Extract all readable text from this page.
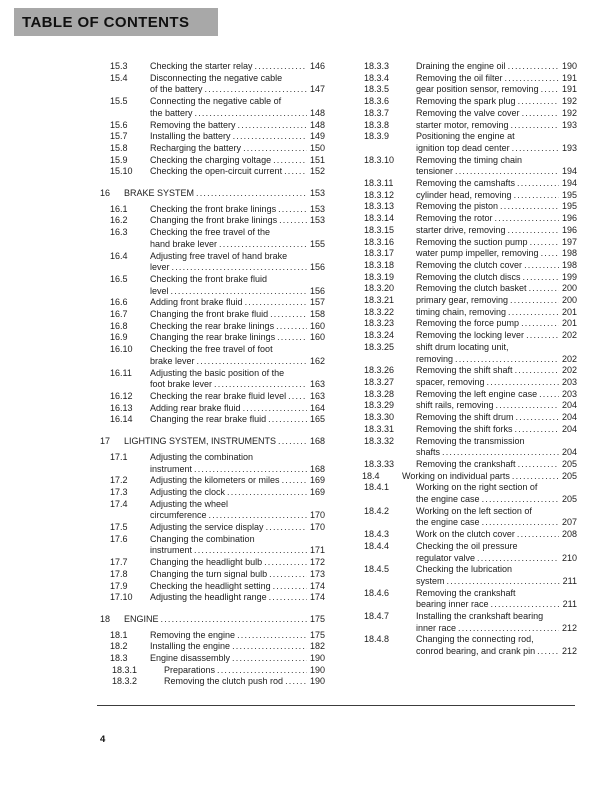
TABLE OF CONTENTS
15.3	Checking the starter relay .....	146
15.4	Disconnecting the negative cable
of the battery .....	147
15.5	Connecting the negative cable of
the battery .....	148
15.6	Removing the battery .....	148
15.7	Installing the battery .....	149
15.8	Recharging the battery .....	150
15.9	Checking the charging voltage .....	151
15.10	Checking the open-circuit current .....	152
16	BRAKE SYSTEM .....	153
16.1	Checking the front brake linings .....	153
16.2	Changing the front brake linings .....	153
16.3	Checking the free travel of the
hand brake lever .....	155
16.4	Adjusting free travel of hand brake
lever .....	156
16.5	Checking the front brake fluid
level .....	156
16.6	Adding front brake fluid .....	157
16.7	Changing the front brake fluid .....	158
16.8	Checking the rear brake linings .....	160
16.9	Changing the rear brake linings .....	160
16.10	Checking the free travel of foot
brake lever .....	162
16.11	Adjusting the basic position of the
foot brake lever .....	163
16.12	Checking the rear brake fluid level .....	163
16.13	Adding rear brake fluid .....	164
16.14	Changing the rear brake fluid .....	165
17	LIGHTING SYSTEM, INSTRUMENTS .....	168
17.1	Adjusting the combination
instrument .....	168
17.2	Adjusting the kilometers or miles .....	169
17.3	Adjusting the clock .....	169
17.4	Adjusting the wheel
circumference .....	170
17.5	Adjusting the service display .....	170
17.6	Changing the combination
instrument .....	171
17.7	Changing the headlight bulb .....	172
17.8	Changing the turn signal bulb .....	173
17.9	Checking the headlight setting .....	174
17.10	Adjusting the headlight range .....	174
18	ENGINE .....	175
18.1	Removing the engine .....	175
18.2	Installing the engine .....	182
18.3	Engine disassembly .....	190
18.3.1	Preparations .....	190
18.3.2	Removing the clutch push rod .....	190
18.3.3	Draining the engine oil .....	190
18.3.4	Removing the oil filter .....	191
18.3.5	gear position sensor, removing .....	191
18.3.6	Removing the spark plug .....	192
18.3.7	Removing the valve cover .....	192
18.3.8	starter motor, removing .....	193
18.3.9	Positioning the engine at
ignition top dead center .....	193
18.3.10	Removing the timing chain
tensioner .....	194
18.3.11	Removing the camshafts .....	194
18.3.12	cylinder head, removing .....	195
18.3.13	Removing the piston .....	195
18.3.14	Removing the rotor .....	196
18.3.15	starter drive, removing .....	196
18.3.16	Removing the suction pump .....	197
18.3.17	water pump impeller, removing .....	198
18.3.18	Removing the clutch cover .....	198
18.3.19	Removing the clutch discs .....	199
18.3.20	Removing the clutch basket .....	200
18.3.21	primary gear, removing .....	200
18.3.22	timing chain, removing .....	201
18.3.23	Removing the force pump .....	201
18.3.24	Removing the locking lever .....	202
18.3.25	shift drum locating unit,
removing .....	202
18.3.26	Removing the shift shaft .....	202
18.3.27	spacer, removing .....	203
18.3.28	Removing the left engine case .....	203
18.3.29	shift rails, removing .....	204
18.3.30	Removing the shift drum .....	204
18.3.31	Removing the shift forks .....	204
18.3.32	Removing the transmission
shafts .....	204
18.3.33	Removing the crankshaft .....	205
18.4	Working on individual parts .....	205
18.4.1	Working on the right section of
the engine case .....	205
18.4.2	Working on the left section of
the engine case .....	207
18.4.3	Work on the clutch cover .....	208
18.4.4	Checking the oil pressure
regulator valve .....	210
18.4.5	Checking the lubrication
system .....	211
18.4.6	Removing the crankshaft
bearing inner race .....	211
18.4.7	Installing the crankshaft bearing
inner race .....	212
18.4.8	Changing the connecting rod,
conrod bearing, and crank pin .....	212
4
